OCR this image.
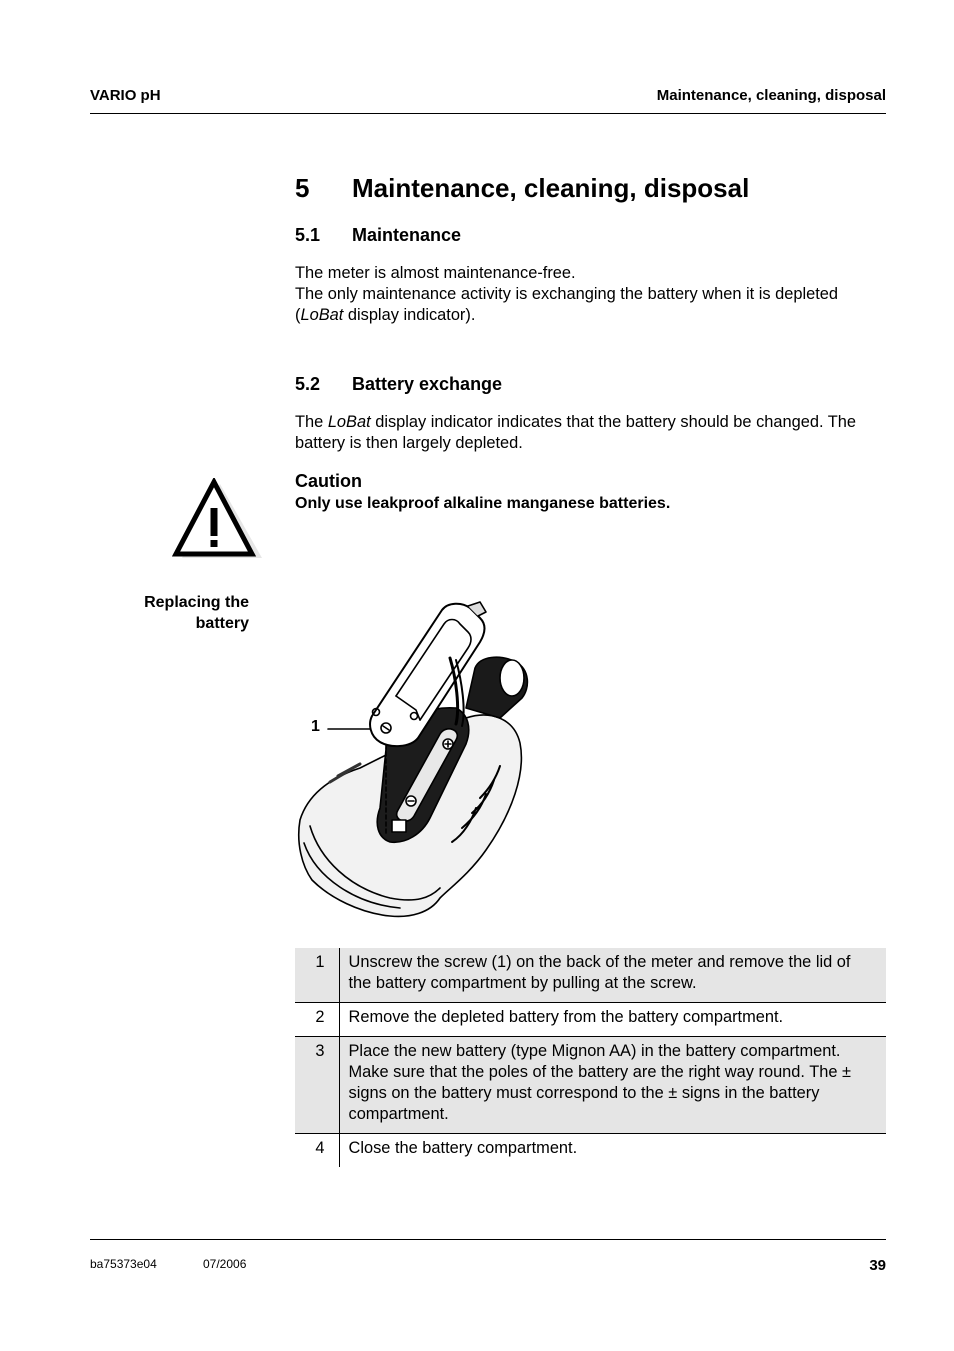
VARIO pH	Maintenance, cleaning, disposal
5 Maintenance, cleaning, disposal
5.1 Maintenance
The meter is almost maintenance-free.
The only maintenance activity is exchanging the battery when it is depleted
(LoBat display indicator).
5.2 Battery exchange
The LoBat display indicator indicates that the battery should be changed. The
battery is then largely depleted.
Caution
Only use leakproof alkaline manganese batteries.
Replacing the
battery
1
1	Unscrew the screw (1) on the back of the meter and remove the lid of the battery compartment by pulling at the screw.
2	Remove the depleted battery from the battery compartment.
3	Place the new battery (type Mignon AA) in the battery compartment. Make sure that the poles of the battery are the right way round. The ± signs on the battery must correspond to the ± signs in the battery compartment.
4	Close the battery compartment.
ba75373e04	07/2006	39
